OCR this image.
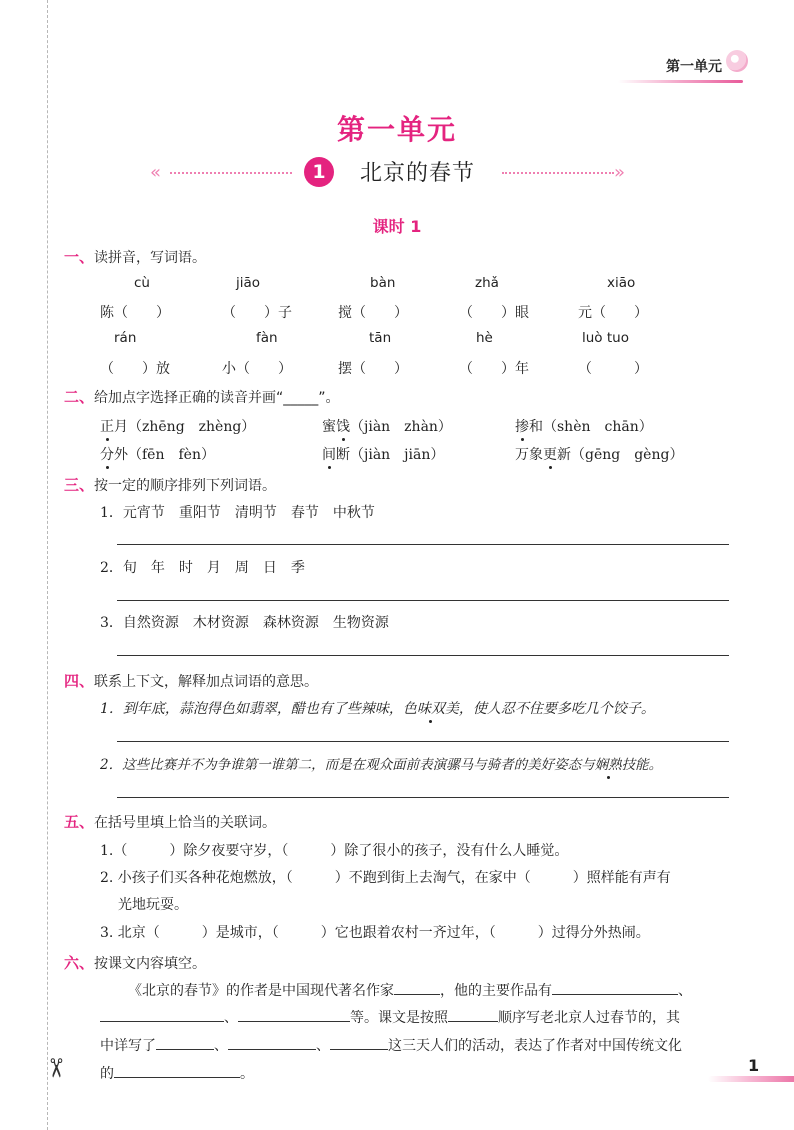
✂
第一单元
第一单元
«	1	北京的春节	»
课时 1
一、读拼音，写词语。
cù	jiāo	bàn	zhǎ	xiāo
陈（　　）	（　　）子	搅（　　）	（　　）眼	元（　　）
rán	fàn	tān	hè	luò tuo
（　　）放	小（　　）	摆（　　）	（　　）年	（　　　）
二、给加点字选择正确的读音并画“_____”。
正月（zhēng　zhèng）	蜜饯（jiàn　zhàn）	掺和（shèn　chān）
分外（fēn　fèn）	间断（jiàn　jiān）	万象更新（gēng　gèng）
三、按一定的顺序排列下列词语。
1．元宵节　重阳节　清明节　春节　中秋节
2．旬　年　时　月　周　日　季
3．自然资源　木材资源　森林资源　生物资源
四、联系上下文，解释加点词语的意思。
1．到年底，蒜泡得色如翡翠，醋也有了些辣味，色味双美，使人忍不住要多吃几个饺子。
2．这些比赛并不为争谁第一谁第二，而是在观众面前表演骡马与骑者的美好姿态与娴熟技能。
五、在括号里填上恰当的关联词。
1.（　　　）除夕夜要守岁，（　　　）除了很小的孩子，没有什么人睡觉。
2. 小孩子们买各种花炮燃放，（　　　）不跑到街上去淘气，在家中（　　　）照样能有声有
光地玩耍。
3. 北京（　　　）是城市，（　　　）它也跟着农村一齐过年，（　　　）过得分外热闹。
六、按课文内容填空。
《北京的春节》的作者是中国现代著名作家	，他的主要作品有	、
、	等。课文是按照	顺序写老北京人过春节的，其
中详写了	、	、	这三天人们的活动，表达了作者对中国传统文化
的	。	1
